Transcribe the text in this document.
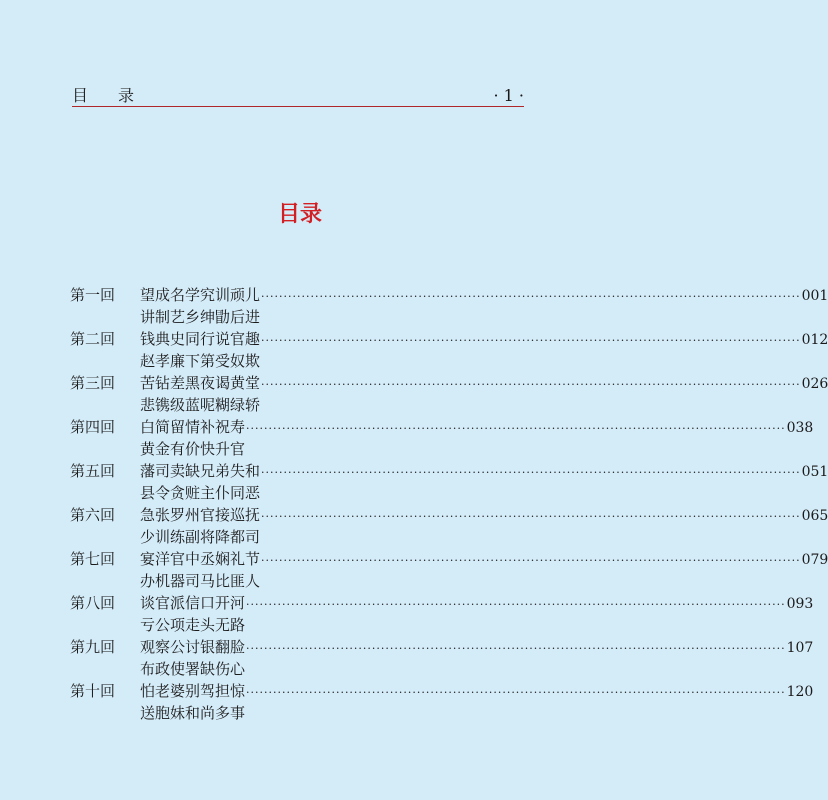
目录	· 1 ·
目录
第一回	望成名学究训顽儿 ························································································································ 001
讲制艺乡绅勖后进
第二回	钱典史同行说官趣 ························································································································ 012
赵孝廉下第受奴欺
第三回	苦钻差黑夜谒黄堂 ························································································································ 026
悲镌级蓝呢糊绿轿
第四回	白简留情补祝寿 ························································································································ 038
黄金有价快升官
第五回	藩司卖缺兄弟失和 ························································································································ 051
县令贪赃主仆同恶
第六回	急张罗州官接巡抚 ························································································································ 065
少训练副将降都司
第七回	宴洋官中丞娴礼节 ························································································································ 079
办机器司马比匪人
第八回	谈官派信口开河 ························································································································ 093
亏公项走头无路
第九回	观察公讨银翻脸 ························································································································ 107
布政使署缺伤心
第十回	怕老婆别驾担惊 ························································································································ 120
送胞妹和尚多事
